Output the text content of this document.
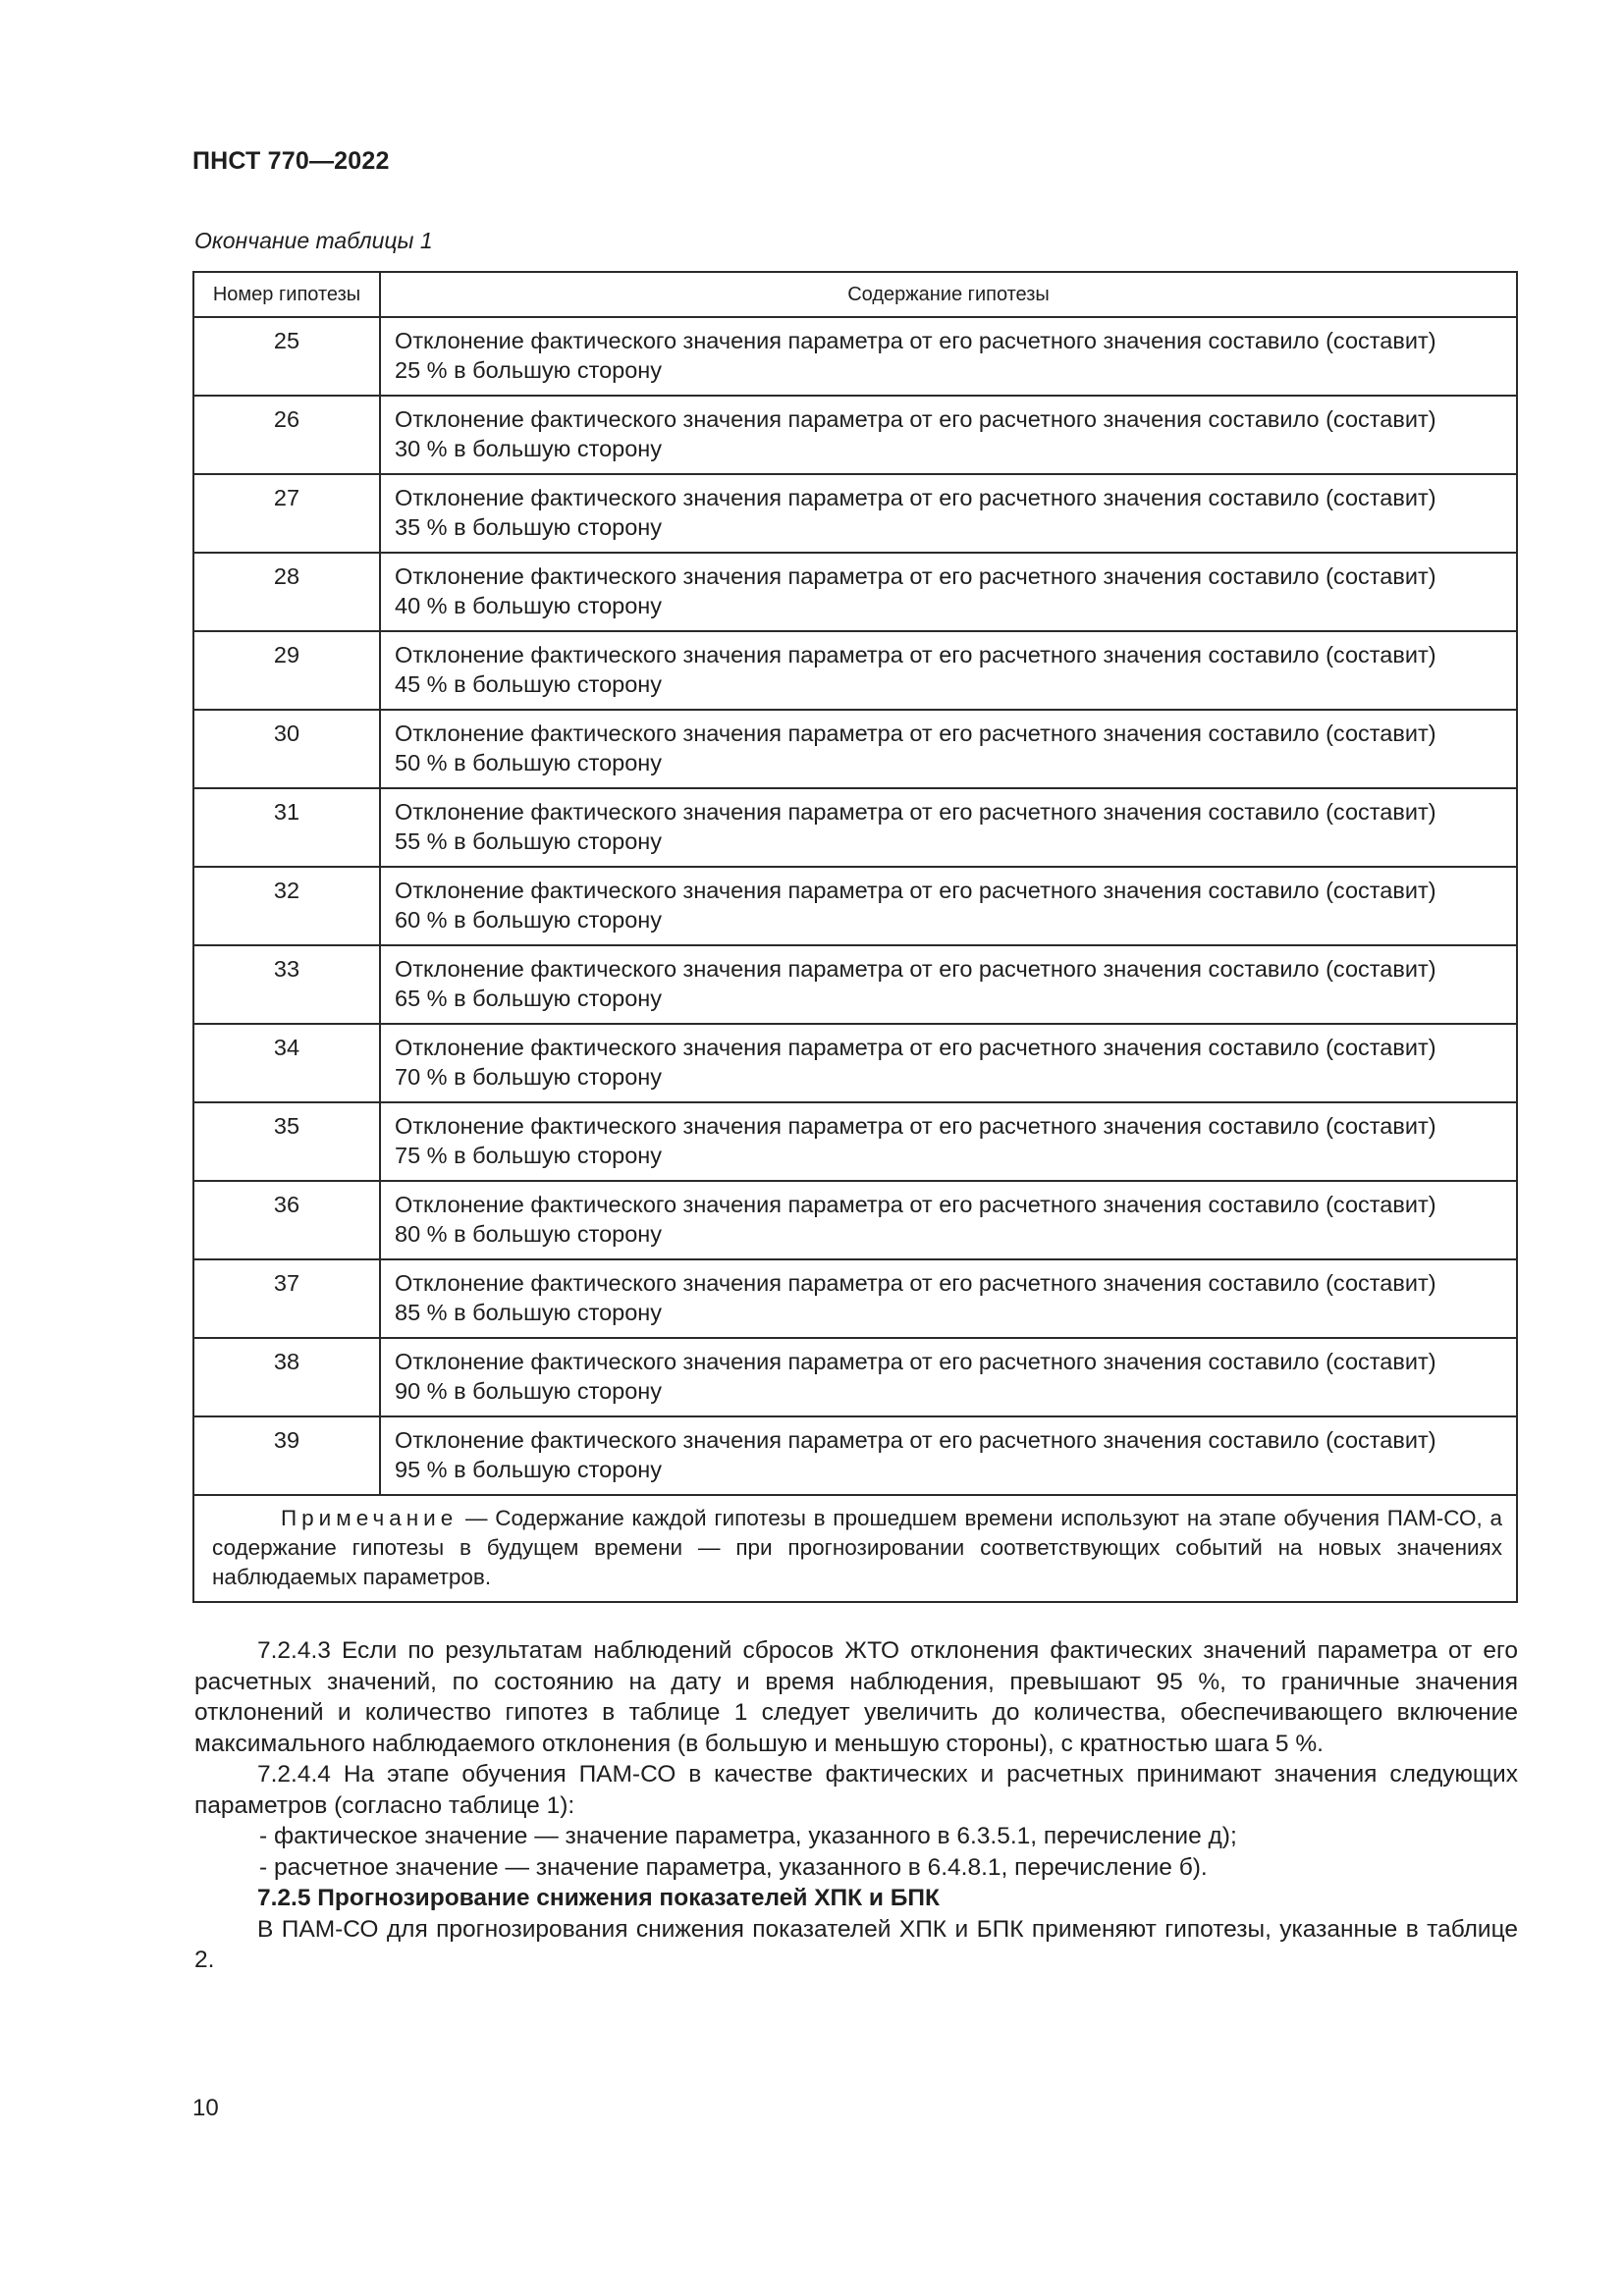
ПНСТ 770—2022
Окончание таблицы 1
Номер гипотезы	Содержание гипотезы
25	Отклонение фактического значения параметра от его расчетного значения составило (составит)
25 % в большую сторону

26	Отклонение фактического значения параметра от его расчетного значения составило (составит)
30 % в большую сторону

27	Отклонение фактического значения параметра от его расчетного значения составило (составит)
35 % в большую сторону

28	Отклонение фактического значения параметра от его расчетного значения составило (составит)
40 % в большую сторону

29	Отклонение фактического значения параметра от его расчетного значения составило (составит)
45 % в большую сторону

30	Отклонение фактического значения параметра от его расчетного значения составило (составит)
50 % в большую сторону

31	Отклонение фактического значения параметра от его расчетного значения составило (составит)
55 % в большую сторону

32	Отклонение фактического значения параметра от его расчетного значения составило (составит)
60 % в большую сторону

33	Отклонение фактического значения параметра от его расчетного значения составило (составит)
65 % в большую сторону

34	Отклонение фактического значения параметра от его расчетного значения составило (составит)
70 % в большую сторону

35	Отклонение фактического значения параметра от его расчетного значения составило (составит)
75 % в большую сторону

36	Отклонение фактического значения параметра от его расчетного значения составило (составит)
80 % в большую сторону

37	Отклонение фактического значения параметра от его расчетного значения составило (составит)
85 % в большую сторону

38	Отклонение фактического значения параметра от его расчетного значения составило (составит)
90 % в большую сторону

39	Отклонение фактического значения параметра от его расчетного значения составило (составит)
95 % в большую сторону

Примечание — Содержание каждой гипотезы в прошедшем времени используют на этапе обучения ПАМ-СО, а содержание гипотезы в будущем времени — при прогнозировании соответствующих событий на новых значениях наблюдаемых параметров.	

7.2.4.3 Если по результатам наблюдений сбросов ЖТО отклонения фактических значений параметра от его расчетных значений, по состоянию на дату и время наблюдения, превышают 95 %, то граничные значения отклонений и количество гипотез в таблице 1 следует увеличить до количества, обеспечивающего включение максимального наблюдаемого отклонения (в большую и меньшую стороны), с кратностью шага 5 %.

7.2.4.4 На этапе обучения ПАМ-СО в качестве фактических и расчетных принимают значения следующих параметров (согласно таблице 1):

- фактическое значение — значение параметра, указанного в 6.3.5.1, перечисление д);

- расчетное значение — значение параметра, указанного в 6.4.8.1, перечисление б).

7.2.5 Прогнозирование снижения показателей ХПК и БПК

В ПАМ-СО для прогнозирования снижения показателей ХПК и БПК применяют гипотезы, указанные в таблице 2.

10
